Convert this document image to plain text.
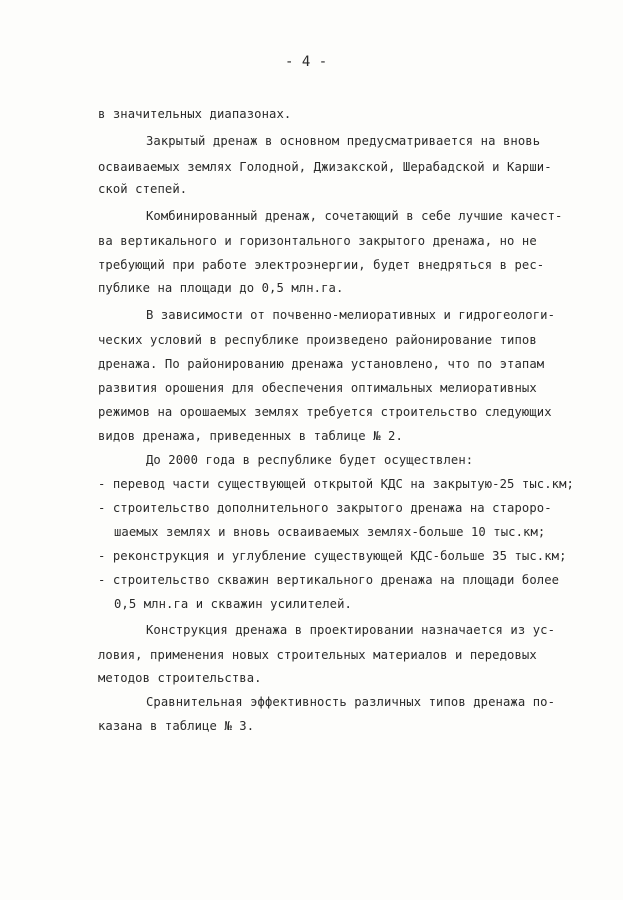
- 4 -
в значительных диапазонах.
Закрытый дренаж в основном предусматривается на вновь
осваиваемых землях Голодной, Джизакской, Шерабадской и Карши-
ской степей.
Комбинированный дренаж, сочетающий в себе лучшие качест-
ва вертикального и горизонтального закрытого дренажа, но не
требующий при работе электроэнергии, будет внедряться в рес-
публике на площади до 0,5 млн.га.
В зависимости от почвенно-мелиоративных и гидрогеологи-
ческих условий в республике произведено районирование типов
дренажа. По районированию дренажа установлено, что по этапам
развития орошения для обеспечения оптимальных мелиоративных
режимов на орошаемых землях требуется строительство следующих
видов дренажа, приведенных в таблице № 2.
До 2000 года в республике будет осуществлен:
- перевод части существующей открытой КДС на закрытую-25 тыс.км;
- строительство дополнительного закрытого дренажа на староро-
шаемых землях и вновь осваиваемых землях-больше 10 тыс.км;
- реконструкция и углубление существующей КДС-больше 35 тыс.км;
- строительство скважин вертикального дренажа на площади более
0,5 млн.га и скважин усилителей.
Конструкция дренажа в проектировании назначается из ус-
ловия, применения новых строительных материалов и передовых
методов строительства.
Сравнительная эффективность различных типов дренажа по-
казана в таблице № 3.
